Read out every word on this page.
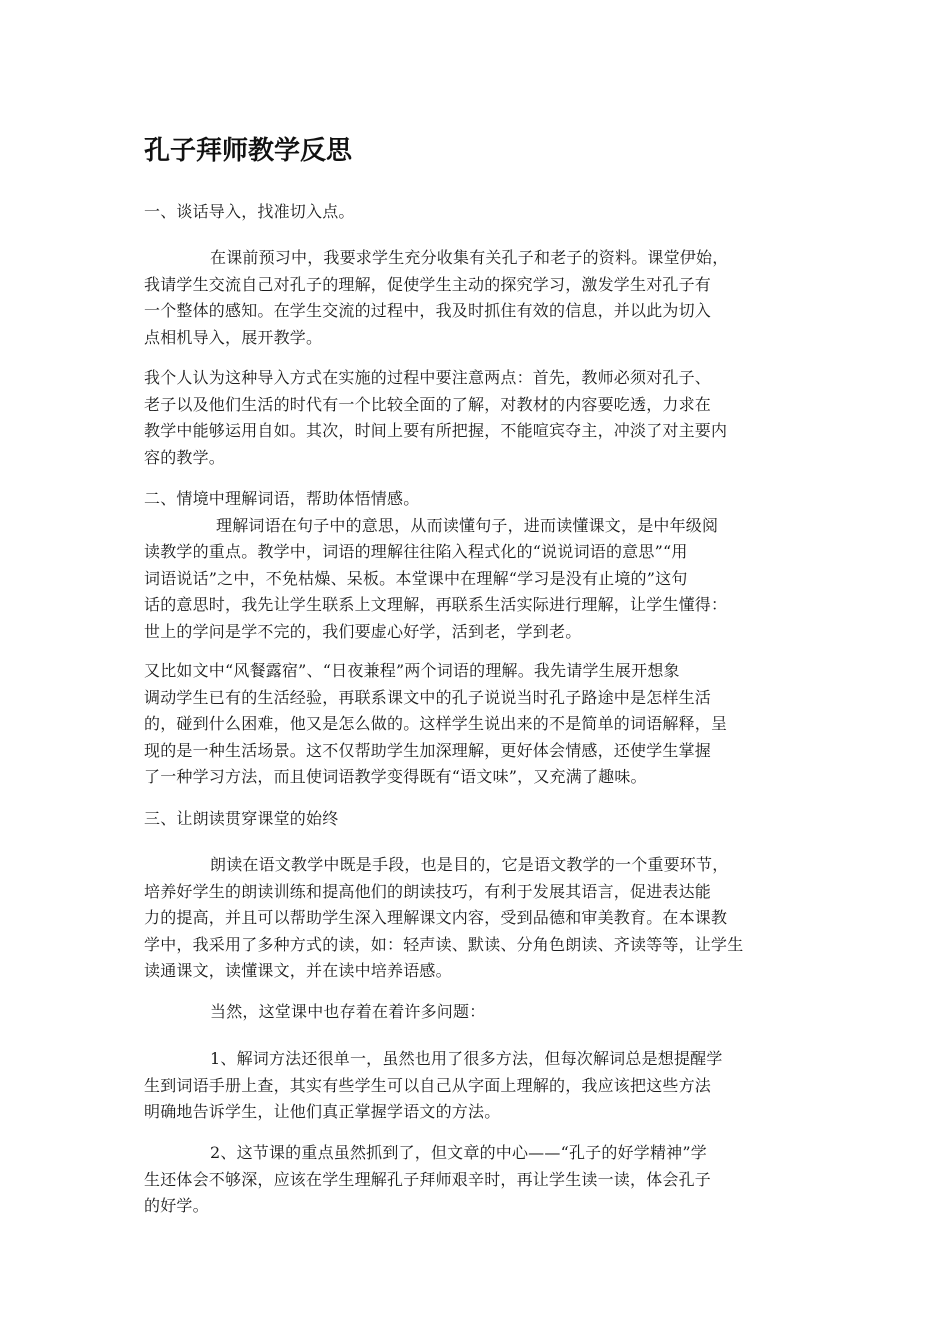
孔子拜师教学反思

一、谈话导入，找准切入点。

在课前预习中，我要求学生充分收集有关孔子和老子的资料。课堂伊始，
我请学生交流自己对孔子的理解，促使学生主动的探究学习，激发学生对孔子有
一个整体的感知。在学生交流的过程中，我及时抓住有效的信息，并以此为切入
点相机导入，展开教学。

我个人认为这种导入方式在实施的过程中要注意两点：首先，教师必须对孔子、
老子以及他们生活的时代有一个比较全面的了解，对教材的内容要吃透，力求在
教学中能够运用自如。其次，时间上要有所把握，不能喧宾夺主，冲淡了对主要内
容的教学。

二、情境中理解词语，帮助体悟情感。
理解词语在句子中的意思，从而读懂句子，进而读懂课文，是中年级阅
读教学的重点。教学中，词语的理解往往陷入程式化的“说说词语的意思”“用
词语说话”之中，不免枯燥、呆板。本堂课中在理解“学习是没有止境的”这句
话的意思时，我先让学生联系上文理解，再联系生活实际进行理解，让学生懂得：
世上的学问是学不完的，我们要虚心好学，活到老，学到老。

又比如文中“风餐露宿”、“日夜兼程”两个词语的理解。我先请学生展开想象
调动学生已有的生活经验，再联系课文中的孔子说说当时孔子路途中是怎样生活
的，碰到什么困难，他又是怎么做的。这样学生说出来的不是简单的词语解释，呈
现的是一种生活场景。这不仅帮助学生加深理解，更好体会情感，还使学生掌握
了一种学习方法，而且使词语教学变得既有“语文味”，又充满了趣味。

三、让朗读贯穿课堂的始终

朗读在语文教学中既是手段，也是目的，它是语文教学的一个重要环节，
培养好学生的朗读训练和提高他们的朗读技巧，有利于发展其语言，促进表达能
力的提高，并且可以帮助学生深入理解课文内容，受到品德和审美教育。在本课教
学中，我采用了多种方式的读，如：轻声读、默读、分角色朗读、齐读等等，让学生
读通课文，读懂课文，并在读中培养语感。

当然，这堂课中也存着在着许多问题：

1、解词方法还很单一，虽然也用了很多方法，但每次解词总是想提醒学
生到词语手册上查，其实有些学生可以自己从字面上理解的，我应该把这些方法
明确地告诉学生，让他们真正掌握学语文的方法。

2、这节课的重点虽然抓到了，但文章的中心——“孔子的好学精神”学
生还体会不够深，应该在学生理解孔子拜师艰辛时，再让学生读一读，体会孔子
的好学。
